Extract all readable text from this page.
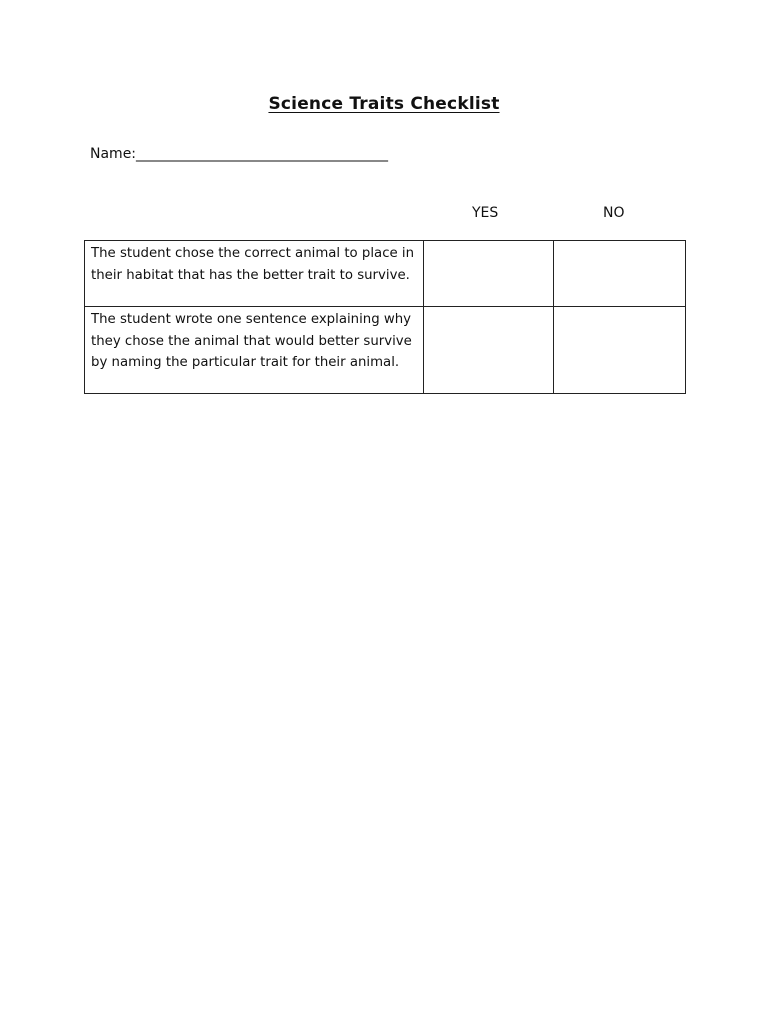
Science Traits Checklist
Name:____________________________________
YES	NO
The student chose the correct animal to place in their habitat that has the better trait to survive.		
The student wrote one sentence explaining why they chose the animal that would better survive by naming the particular trait for their animal.		
